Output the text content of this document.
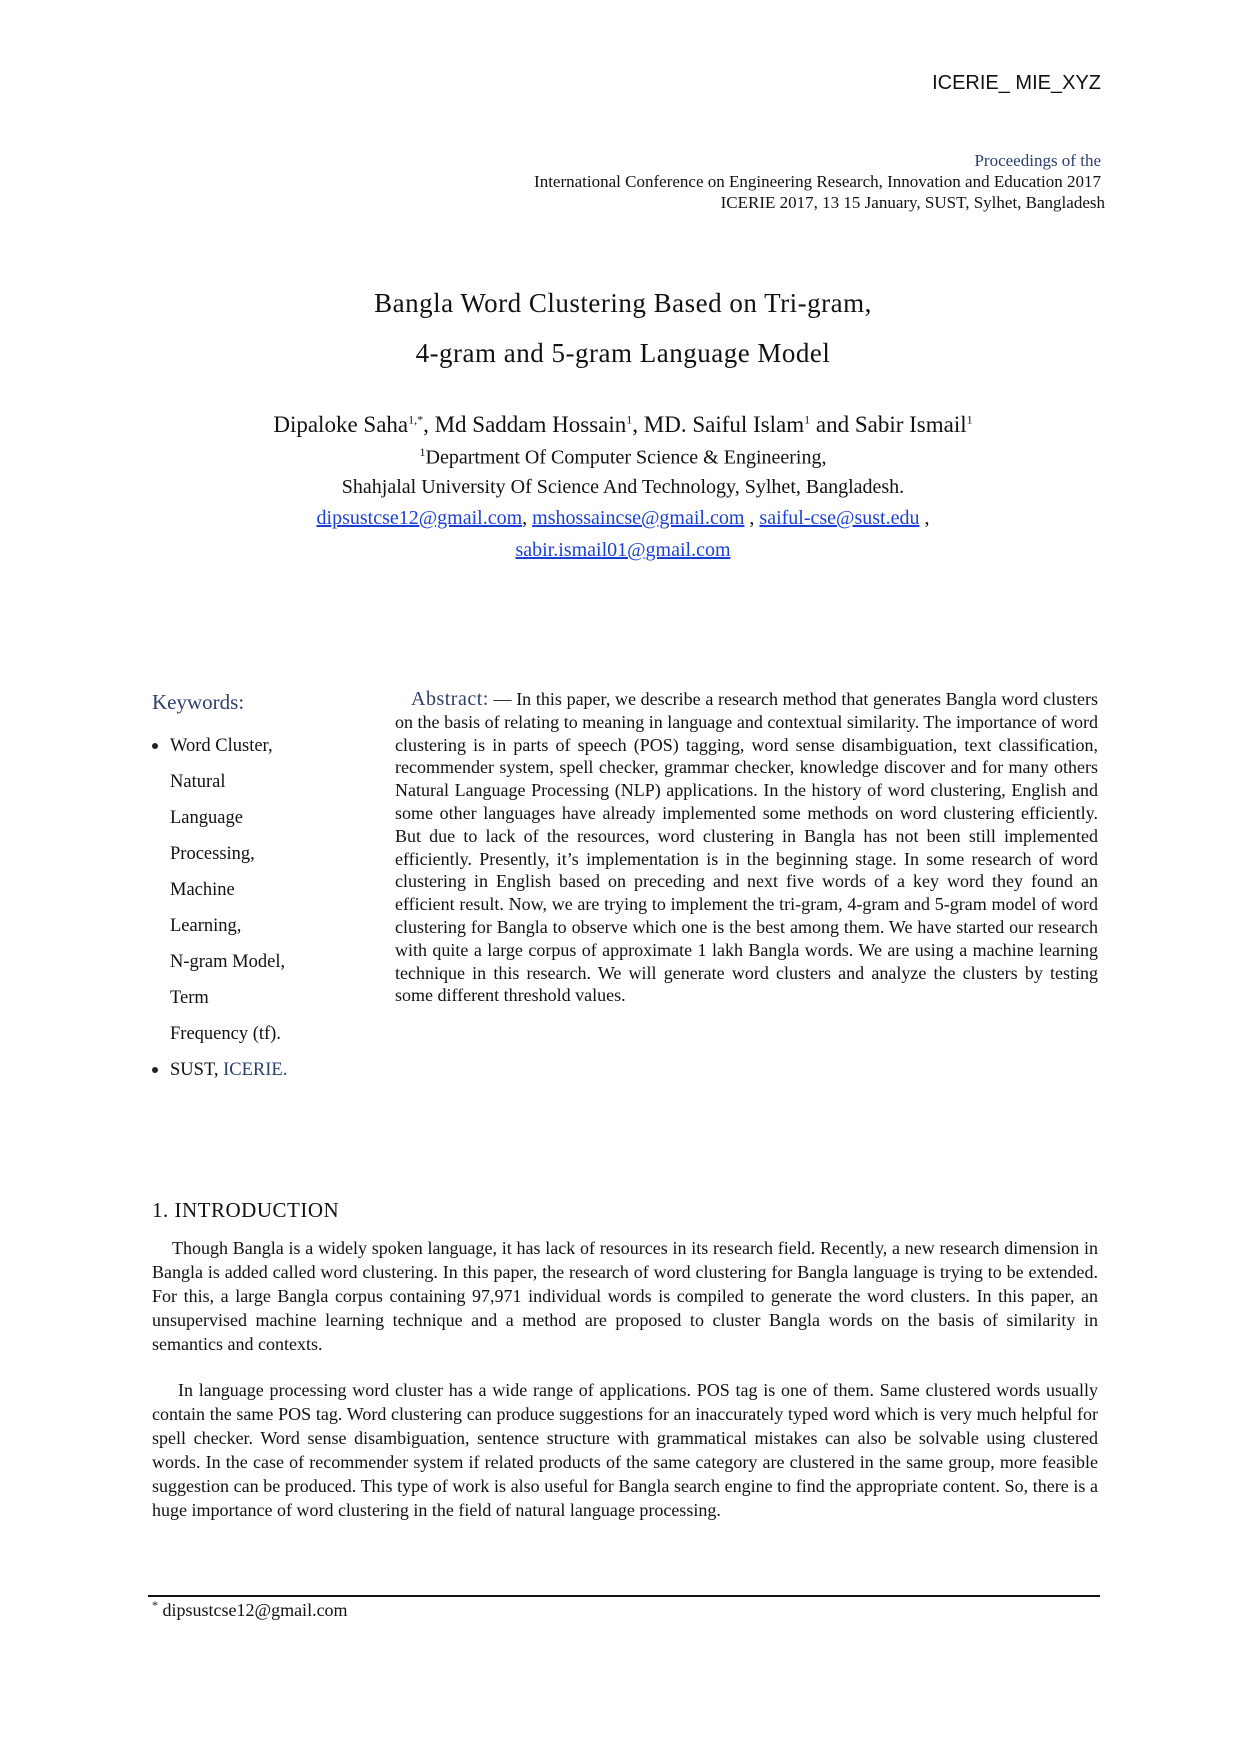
ICERIE_ MIE_XYZ
Proceedings of the
International Conference on Engineering Research, Innovation and Education 2017
ICERIE 2017, 13 15 January, SUST, Sylhet, Bangladesh
Bangla Word Clustering Based on Tri-gram,
4-gram and 5-gram Language Model
Dipaloke Saha$^{1,*}$, Md Saddam Hossain$^1$, MD. Saiful Islam$^1$ and Sabir Ismail$^1$
$^1$Department Of Computer Science & Engineering,
Shahjalal University Of Science And Technology, Sylhet, Bangladesh.
dipsustcse12@gmail.com, mshossaincse@gmail.com , saiful-cse@sust.edu ,
sabir.ismail01@gmail.com
Keywords:
Word Cluster,
Natural
Language
Processing,
Machine
Learning,
N-gram Model,
Term
Frequency (tf).
SUST, ICERIE.
Abstract: — In this paper, we describe a research method that generates Bangla word clusters on the basis of relating to meaning in language and contextual similarity. The importance of word clustering is in parts of speech (POS) tagging, word sense disambiguation, text classification, recommender system, spell checker, grammar checker, knowledge discover and for many others Natural Language Processing (NLP) applications. In the history of word clustering, English and some other languages have already implemented some methods on word clustering efficiently. But due to lack of the resources, word clustering in Bangla has not been still implemented efficiently. Presently, it’s implementation is in the beginning stage. In some research of word clustering in English based on preceding and next five words of a key word they found an efficient result. Now, we are trying to implement the tri-gram, 4-gram and 5-gram model of word clustering for Bangla to observe which one is the best among them. We have started our research with quite a large corpus of approximate 1 lakh Bangla words. We are using a machine learning technique in this research. We will generate word clusters and analyze the clusters by testing some different threshold values.
1. INTRODUCTION
Though Bangla is a widely spoken language, it has lack of resources in its research field. Recently, a new research dimension in Bangla is added called word clustering. In this paper, the research of word clustering for Bangla language is trying to be extended. For this, a large Bangla corpus containing 97,971 individual words is compiled to generate the word clusters. In this paper, an unsupervised machine learning technique and a method are proposed to cluster Bangla words on the basis of similarity in semantics and contexts.
In language processing word cluster has a wide range of applications. POS tag is one of them. Same clustered words usually contain the same POS tag. Word clustering can produce suggestions for an inaccurately typed word which is very much helpful for spell checker. Word sense disambiguation, sentence structure with grammatical mistakes can also be solvable using clustered words. In the case of recommender system if related products of the same category are clustered in the same group, more feasible suggestion can be produced. This type of work is also useful for Bangla search engine to find the appropriate content. So, there is a huge importance of word clustering in the field of natural language processing.
* dipsustcse12@gmail.com
